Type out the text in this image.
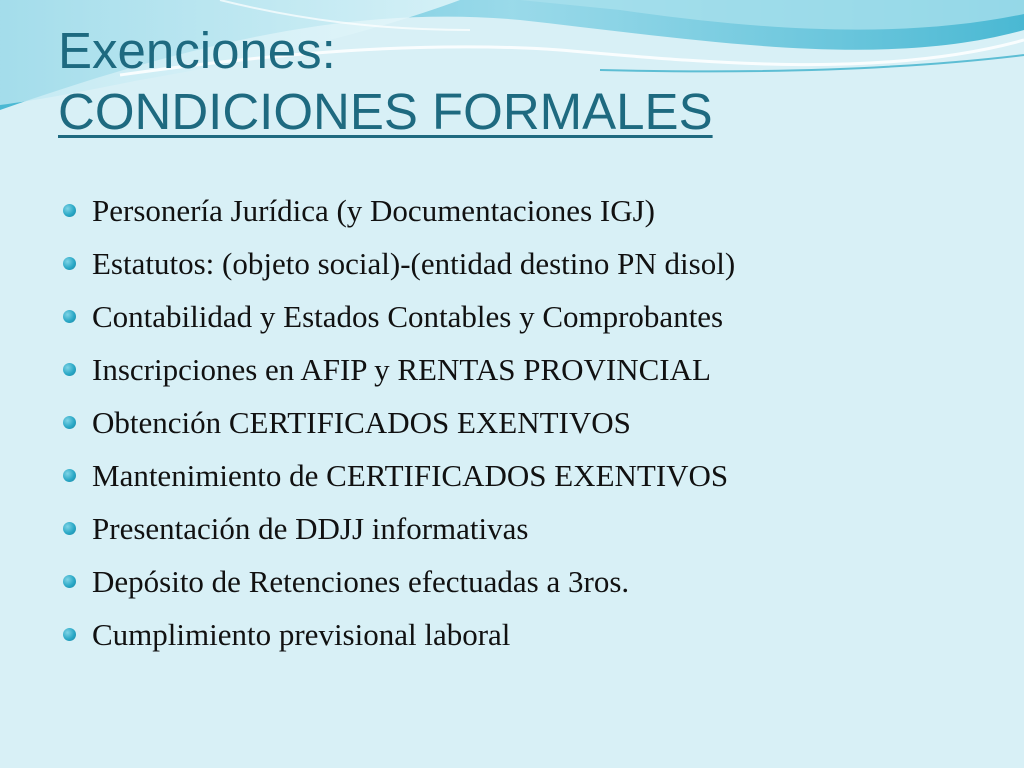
Exenciones:
CONDICIONES FORMALES
Personería Jurídica (y Documentaciones IGJ)
Estatutos: (objeto social)-(entidad destino PN disol)
Contabilidad y Estados Contables y Comprobantes
Inscripciones en AFIP y RENTAS PROVINCIAL
Obtención CERTIFICADOS EXENTIVOS
Mantenimiento de CERTIFICADOS EXENTIVOS
Presentación de DDJJ informativas
Depósito de Retenciones efectuadas a 3ros.
Cumplimiento previsional laboral
